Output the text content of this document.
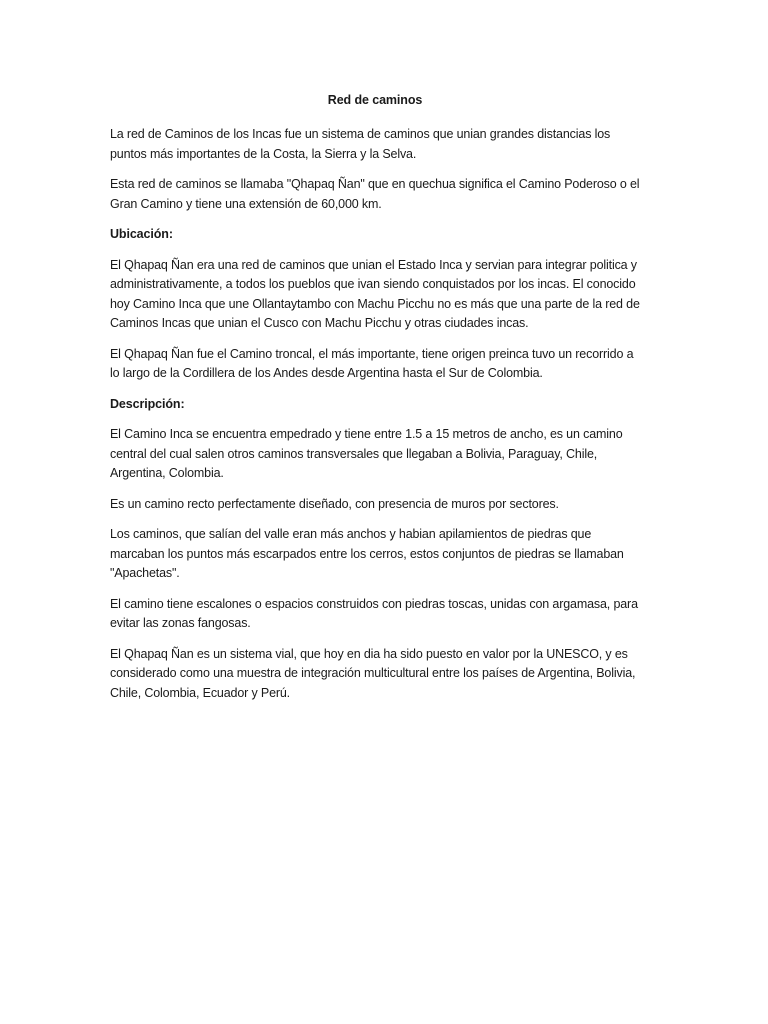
Red de caminos

La red de Caminos de los Incas fue un sistema de caminos que unian grandes distancias los puntos más importantes de la Costa, la Sierra y la Selva.

Esta red de caminos se llamaba "Qhapaq Ñan" que en quechua significa el Camino Poderoso o el Gran Camino y tiene una extensión de 60,000 km.

Ubicación:

El Qhapaq Ñan era una red de caminos que unian el Estado Inca y servian para integrar politica y administrativamente, a todos los pueblos que ivan siendo conquistados por los incas. El conocido hoy Camino Inca que une Ollantaytambo con Machu Picchu no es más que una parte de la red de Caminos Incas que unian el Cusco con Machu Picchu y otras ciudades incas.

El Qhapaq Ñan fue el Camino troncal, el más importante, tiene origen preinca tuvo un recorrido a lo largo de la Cordillera de los Andes desde Argentina hasta el Sur de Colombia.

Descripción:

El Camino Inca se encuentra empedrado y tiene entre 1.5 a 15 metros de ancho, es un camino central del cual salen otros caminos transversales que llegaban a Bolivia, Paraguay, Chile, Argentina, Colombia.

Es un camino recto perfectamente diseñado, con presencia de muros por sectores.

Los caminos, que salían del valle eran más anchos y habian apilamientos de piedras que marcaban los puntos más escarpados entre los cerros, estos conjuntos de piedras se llamaban "Apachetas".

El camino tiene escalones o espacios construidos con piedras toscas, unidas con argamasa, para evitar las zonas fangosas.

El Qhapaq Ñan es un sistema vial, que hoy en dia ha sido puesto en valor por la UNESCO, y es considerado como una muestra de integración multicultural entre los países de Argentina, Bolivia, Chile, Colombia, Ecuador y Perú.
